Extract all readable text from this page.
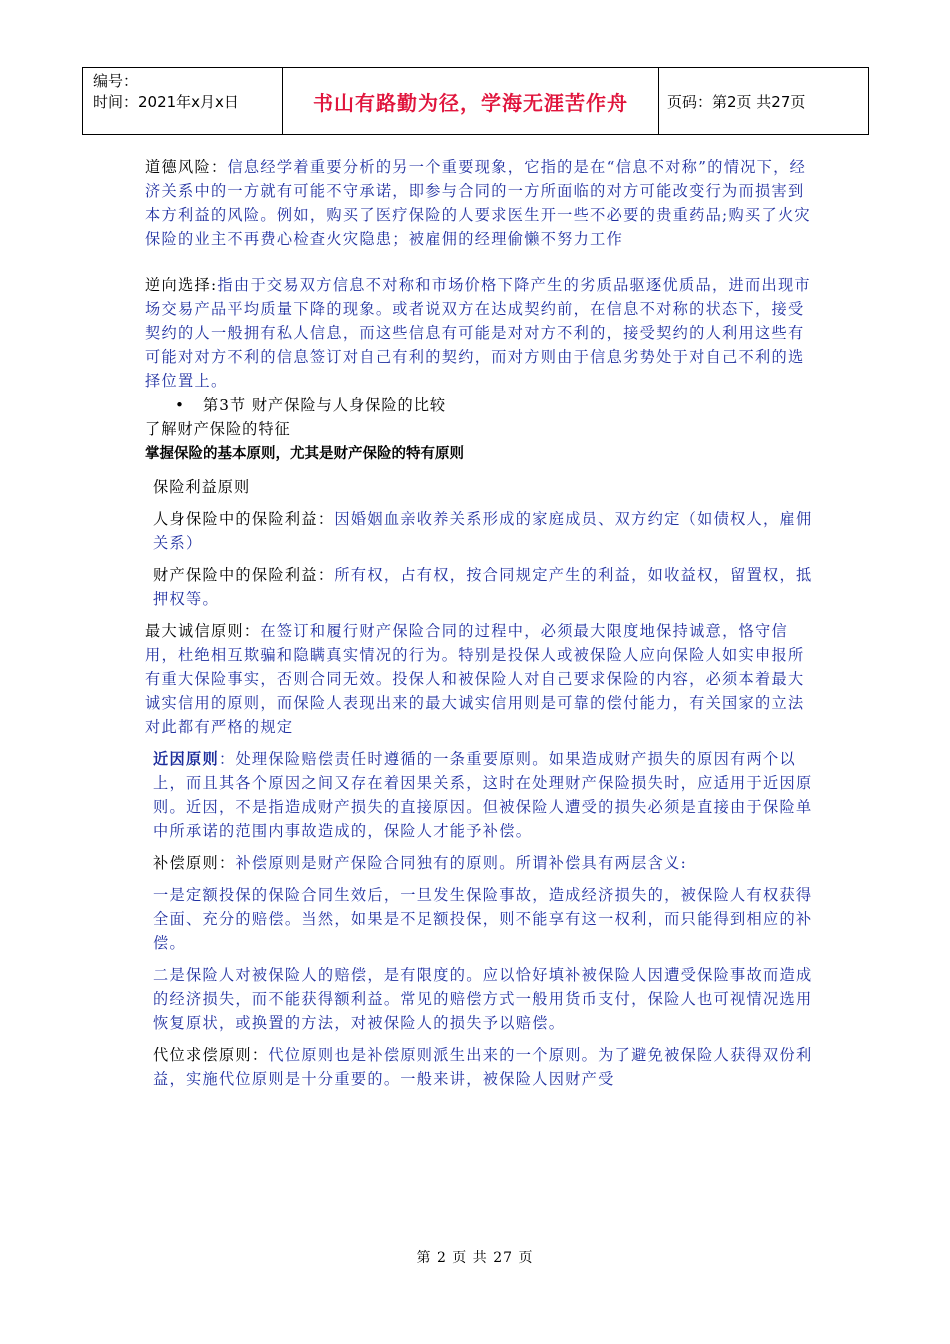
编号：
时间：2021年x月x日	书山有路勤为径，学海无涯苦作舟	页码：第2页 共27页

道德风险：信息经学着重要分析的另一个重要现象，它指的是在“信息不对称”的情况下，经济关系中的一方就有可能不守承诺，即参与合同的一方所面临的对方可能改变行为而损害到本方利益的风险。例如，购买了医疗保险的人要求医生开一些不必要的贵重药品;购买了火灾保险的业主不再费心检查火灾隐患；被雇佣的经理偷懒不努力工作

逆向选择:指由于交易双方信息不对称和市场价格下降产生的劣质品驱逐优质品，进而出现市场交易产品平均质量下降的现象。或者说双方在达成契约前，在信息不对称的状态下，接受契约的人一般拥有私人信息，而这些信息有可能是对对方不利的，接受契约的人利用这些有可能对对方不利的信息签订对自己有利的契约，而对方则由于信息劣势处于对自己不利的选择位置上。

• 第3节 财产保险与人身保险的比较

了解财产保险的特征

掌握保险的基本原则，尤其是财产保险的特有原则

保险利益原则

人身保险中的保险利益：因婚姻血亲收养关系形成的家庭成员、双方约定（如债权人，雇佣关系）

财产保险中的保险利益：所有权，占有权，按合同规定产生的利益，如收益权，留置权，抵押权等。

最大诚信原则：在签订和履行财产保险合同的过程中，必须最大限度地保持诚意，恪守信用，杜绝相互欺骗和隐瞒真实情况的行为。特别是投保人或被保险人应向保险人如实申报所有重大保险事实，否则合同无效。投保人和被保险人对自己要求保险的内容，必须本着最大诚实信用的原则，而保险人表现出来的最大诚实信用则是可靠的偿付能力，有关国家的立法对此都有严格的规定

近因原则：处理保险赔偿责任时遵循的一条重要原则。如果造成财产损失的原因有两个以上，而且其各个原因之间又存在着因果关系，这时在处理财产保险损失时，应适用于近因原则。近因，不是指造成财产损失的直接原因。但被保险人遭受的损失必须是直接由于保险单中所承诺的范围内事故造成的，保险人才能予补偿。

补偿原则：补偿原则是财产保险合同独有的原则。所谓补偿具有两层含义:

一是定额投保的保险合同生效后，一旦发生保险事故，造成经济损失的，被保险人有权获得全面、充分的赔偿。当然，如果是不足额投保，则不能享有这一权利，而只能得到相应的补偿。

二是保险人对被保险人的赔偿，是有限度的。应以恰好填补被保险人因遭受保险事故而造成的经济损失，而不能获得额利益。常见的赔偿方式一般用货币支付，保险人也可视情况选用恢复原状，或换置的方法，对被保险人的损失予以赔偿。

代位求偿原则：代位原则也是补偿原则派生出来的一个原则。为了避免被保险人获得双份利益，实施代位原则是十分重要的。一般来讲，被保险人因财产受

第 2 页 共 27 页
